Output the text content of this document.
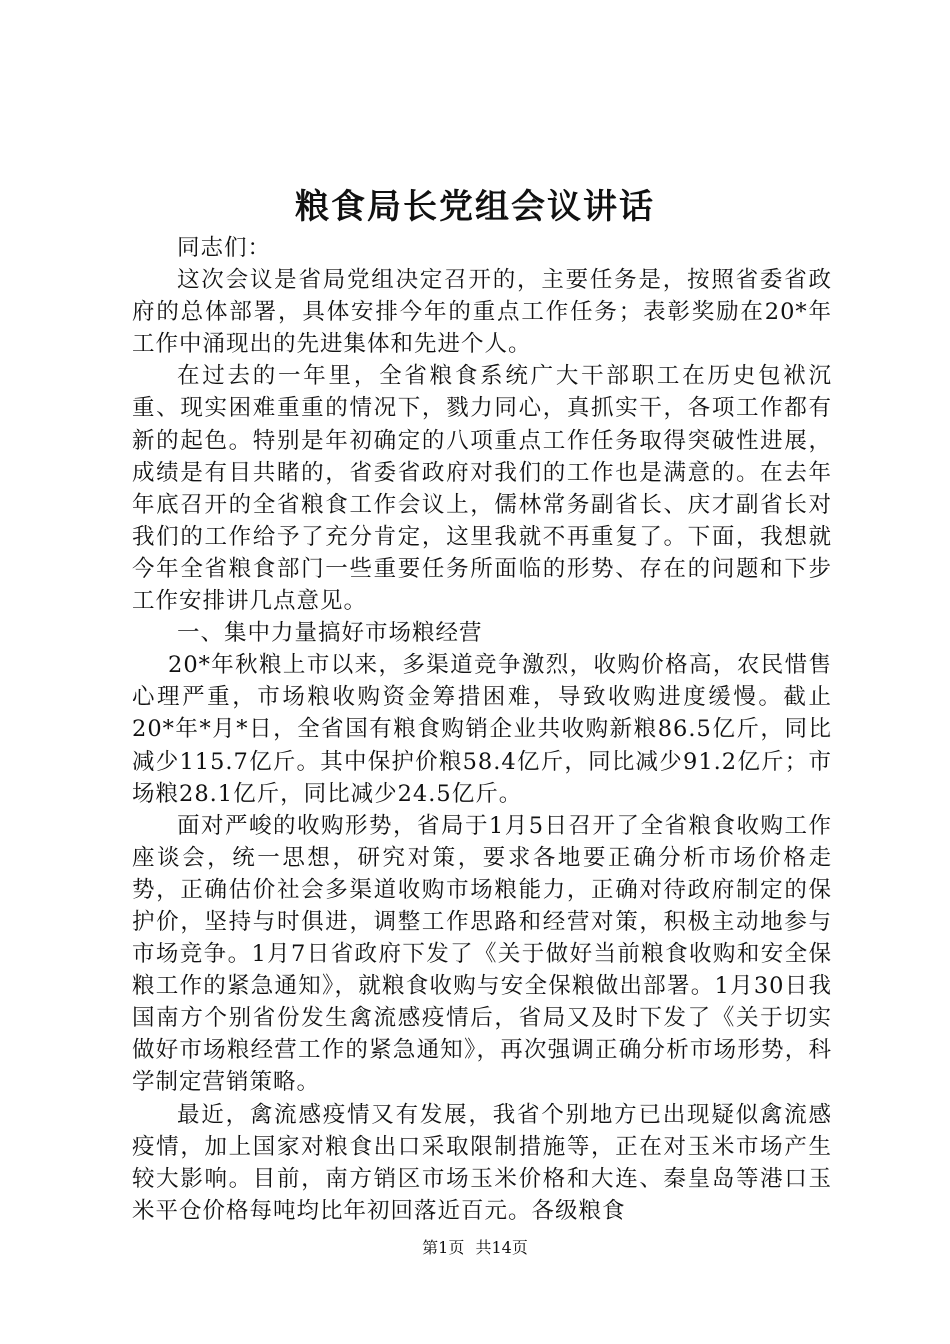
粮食局长党组会议讲话

同志们：

这次会议是省局党组决定召开的，主要任务是，按照省委省政府的总体部署，具体安排今年的重点工作任务；表彰奖励在20*年工作中涌现出的先进集体和先进个人。

在过去的一年里，全省粮食系统广大干部职工在历史包袱沉重、现实困难重重的情况下，戮力同心，真抓实干，各项工作都有新的起色。特别是年初确定的八项重点工作任务取得突破性进展，成绩是有目共睹的，省委省政府对我们的工作也是满意的。在去年年底召开的全省粮食工作会议上，儒林常务副省长、庆才副省长对我们的工作给予了充分肯定，这里我就不再重复了。下面，我想就今年全省粮食部门一些重要任务所面临的形势、存在的问题和下步工作安排讲几点意见。

一、集中力量搞好市场粮经营

20*年秋粮上市以来，多渠道竞争激烈，收购价格高，农民惜售心理严重，市场粮收购资金筹措困难，导致收购进度缓慢。截止20*年*月*日，全省国有粮食购销企业共收购新粮86.5亿斤，同比减少115.7亿斤。其中保护价粮58.4亿斤，同比减少91.2亿斤；市场粮28.1亿斤，同比减少24.5亿斤。

面对严峻的收购形势，省局于1月5日召开了全省粮食收购工作座谈会，统一思想，研究对策，要求各地要正确分析市场价格走势，正确估价社会多渠道收购市场粮能力，正确对待政府制定的保护价，坚持与时俱进，调整工作思路和经营对策，积极主动地参与市场竞争。1月7日省政府下发了《关于做好当前粮食收购和安全保粮工作的紧急通知》，就粮食收购与安全保粮做出部署。1月30日我国南方个别省份发生禽流感疫情后，省局又及时下发了《关于切实做好市场粮经营工作的紧急通知》，再次强调正确分析市场形势，科学制定营销策略。

最近，禽流感疫情又有发展，我省个别地方已出现疑似禽流感疫情，加上国家对粮食出口采取限制措施等，正在对玉米市场产生较大影响。目前，南方销区市场玉米价格和大连、秦皇岛等港口玉米平仓价格每吨均比年初回落近百元。各级粮食

第1页 共14页
